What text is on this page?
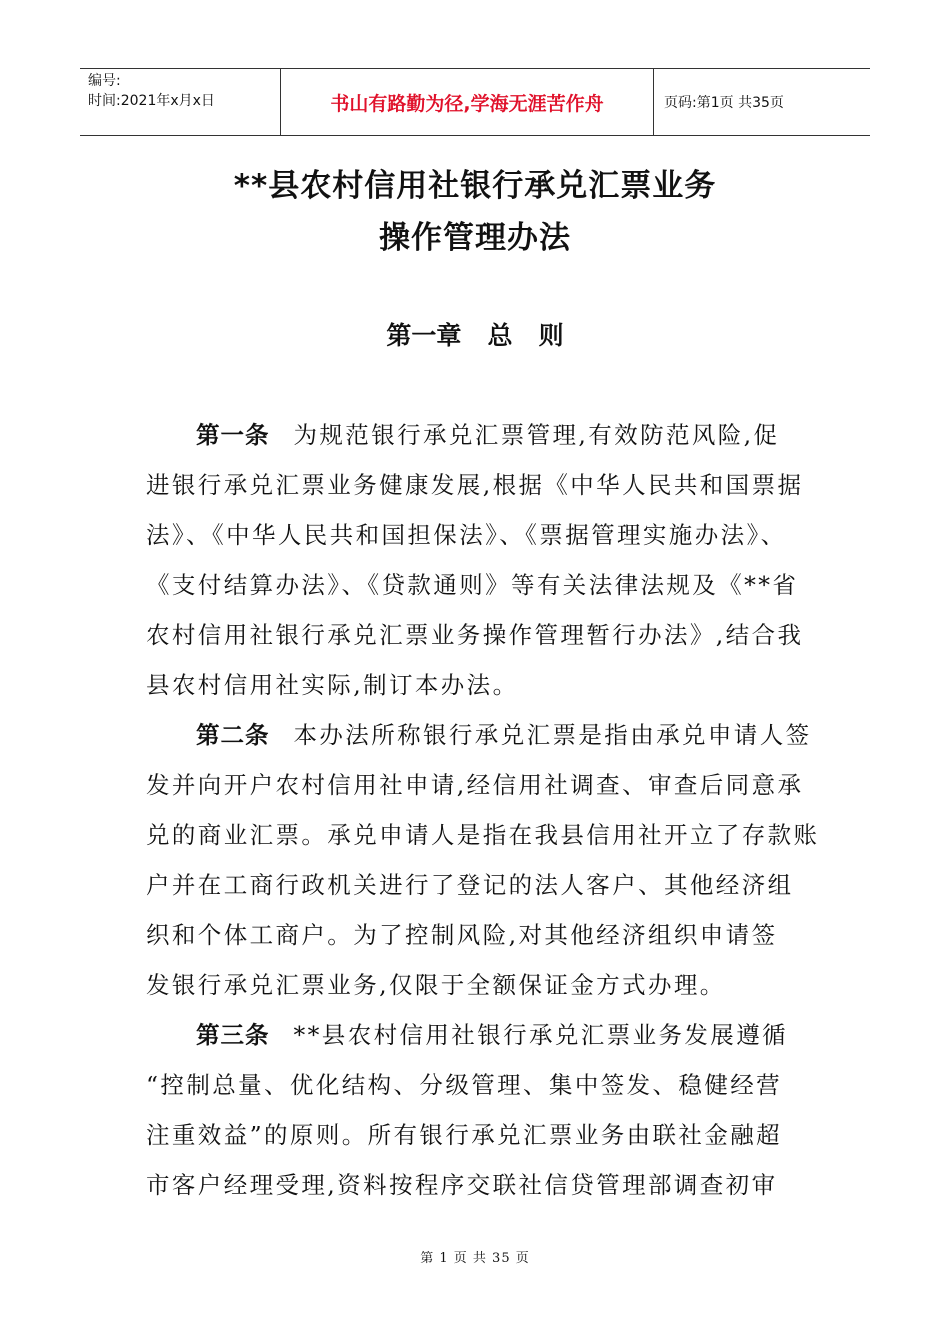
编号:
时间:2021年x月x日	书山有路勤为径,学海无涯苦作舟	页码:第1页 共35页
**县农村信用社银行承兑汇票业务
操作管理办法
第一章   总   则
第一条 为规范银行承兑汇票管理,有效防范风险,促
进银行承兑汇票业务健康发展,根据《中华人民共和国票据
法》、《中华人民共和国担保法》、《票据管理实施办法》、
《支付结算办法》、《贷款通则》等有关法律法规及《**省
农村信用社银行承兑汇票业务操作管理暂行办法》,结合我
县农村信用社实际,制订本办法。
第二条 本办法所称银行承兑汇票是指由承兑申请人签
发并向开户农村信用社申请,经信用社调查、审查后同意承
兑的商业汇票。承兑申请人是指在我县信用社开立了存款账
户并在工商行政机关进行了登记的法人客户、其他经济组
织和个体工商户。为了控制风险,对其他经济组织申请签
发银行承兑汇票业务,仅限于全额保证金方式办理。
第三条 **县农村信用社银行承兑汇票业务发展遵循
“控制总量、优化结构、分级管理、集中签发、稳健经营
注重效益”的原则。所有银行承兑汇票业务由联社金融超
市客户经理受理,资料按程序交联社信贷管理部调查初审
第 1 页 共 35 页
